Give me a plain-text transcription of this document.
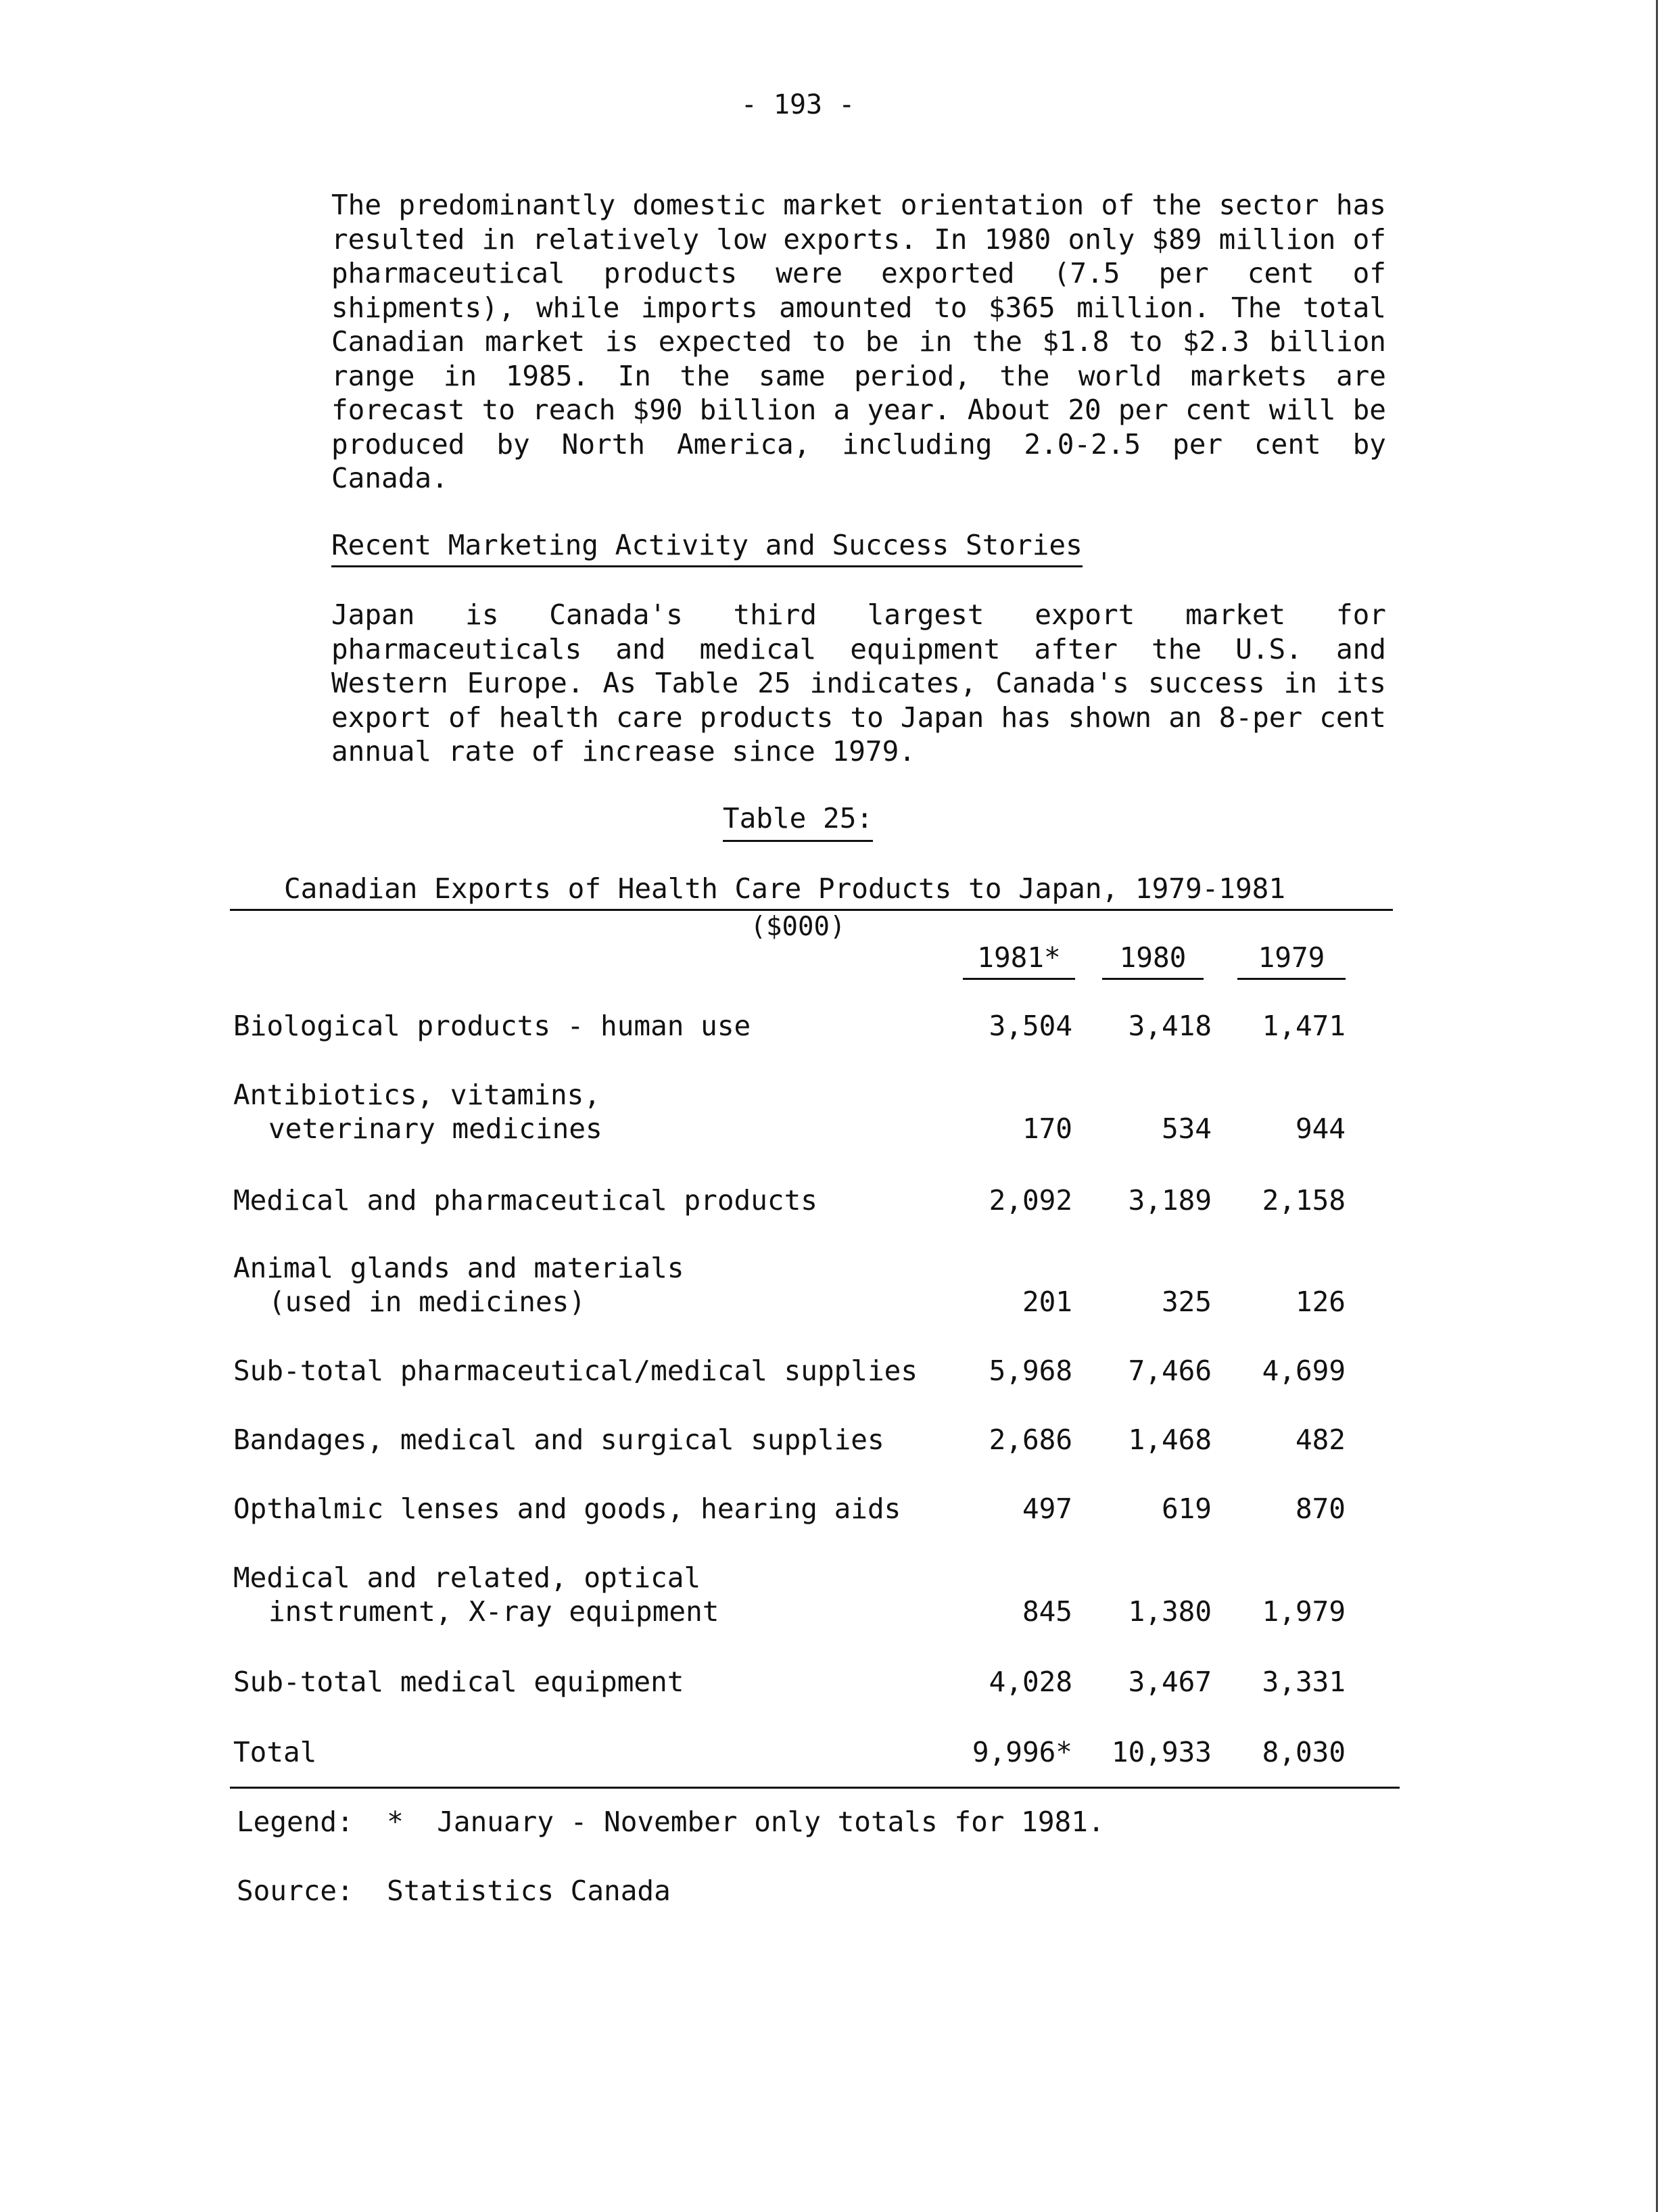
- 193 -

The predominantly domestic market orientation of the sector has resulted in relatively low exports. In 1980 only $89 million of pharmaceutical products were exported (7.5 per cent of shipments), while imports amounted to $365 million. The total Canadian market is expected to be in the $1.8 to $2.3 billion range in 1985. In the same period, the world markets are forecast to reach $90 billion a year. About 20 per cent will be produced by North America, including 2.0-2.5 per cent by Canada.

Recent Marketing Activity and Success Stories

Japan is Canada's third largest export market for pharmaceuticals and medical equipment after the U.S. and Western Europe. As Table 25 indicates, Canada's success in its export of health care products to Japan has shown an 8-per cent annual rate of increase since 1979.

Table 25:
Canadian Exports of Health Care Products to Japan, 1979-1981
($000)
1981*	1980	1979
Biological products - human use	3,504	3,418	1,471
Antibiotics, vitamins,
veterinary medicines	170	534	944
Medical and pharmaceutical products	2,092	3,189	2,158
Animal glands and materials
(used in medicines)	201	325	126
Sub-total pharmaceutical/medical supplies	5,968	7,466	4,699
Bandages, medical and surgical supplies	2,686	1,468	482
Opthalmic lenses and goods, hearing aids	497	619	870
Medical and related, optical
instrument, X-ray equipment	845	1,380	1,979
Sub-total medical equipment	4,028	3,467	3,331
Total	9,996*	10,933	8,030
Legend:  *  January - November only totals for 1981.
Source:  Statistics Canada
